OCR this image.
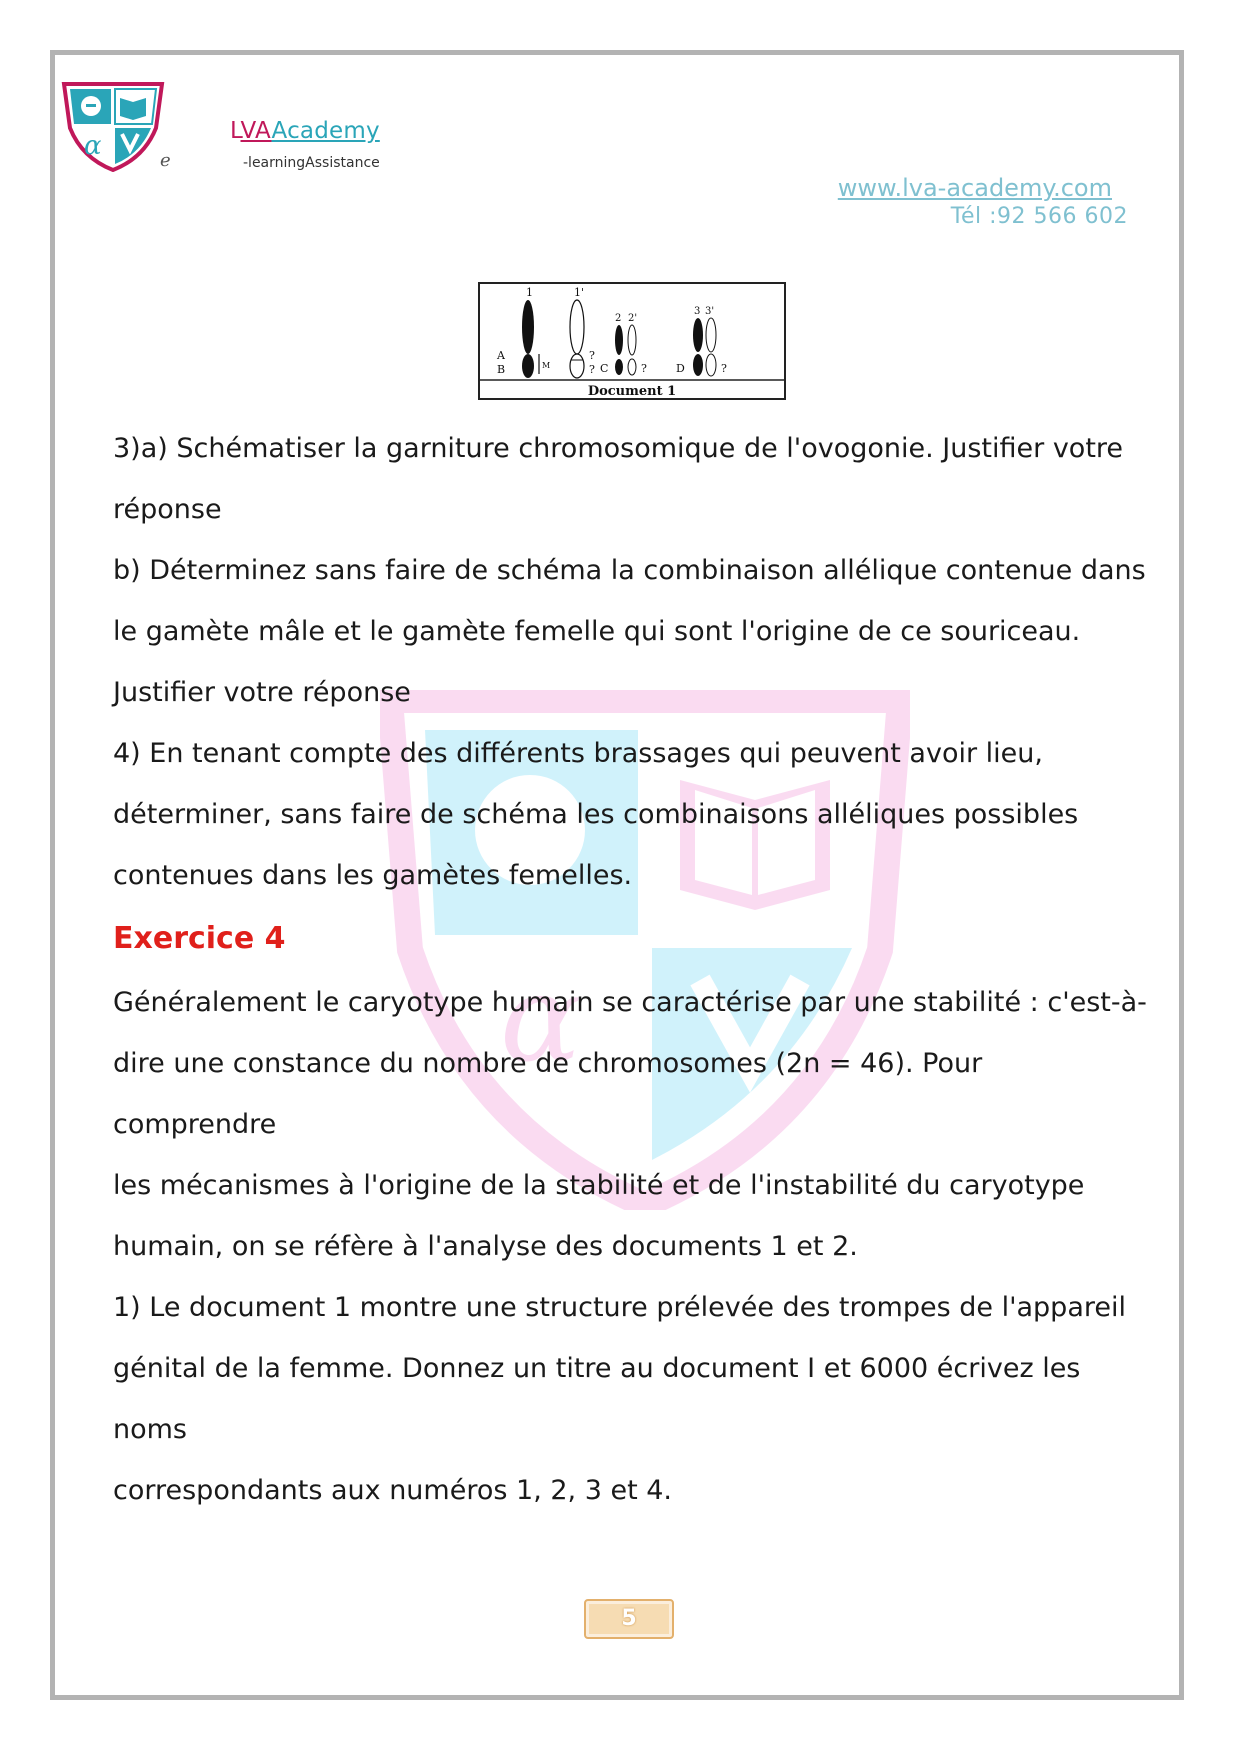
α	e
LVAAcademy
-learningAssistance
www.lva-academy.com
Tél :92 566 602
Document 1
1	1'
A
B	M
?
?
2 2'
C	?
3 3'
D	?
α

3)a) Schématiser la garniture chromosomique de l'ovogonie. Justifier votre

réponse

b) Déterminez sans faire de schéma la combinaison allélique contenue dans

le gamète mâle et le gamète femelle qui sont l'origine de ce souriceau.

Justifier votre réponse

4) En tenant compte des différents brassages qui peuvent avoir lieu,

déterminer, sans faire de schéma les combinaisons alléliques possibles

contenues dans les gamètes femelles.

Exercice 4

Généralement le caryotype humain se caractérise par une stabilité : c'est-à-

dire une constance du nombre de chromosomes (2n = 46). Pour comprendre

les mécanismes à l'origine de la stabilité et de l'instabilité du caryotype

humain, on se réfère à l'analyse des documents 1 et 2.

1) Le document 1 montre une structure prélevée des trompes de l'appareil

génital de la femme. Donnez un titre au document I et 6000 écrivez les noms

correspondants aux numéros 1, 2, 3 et 4.

5
